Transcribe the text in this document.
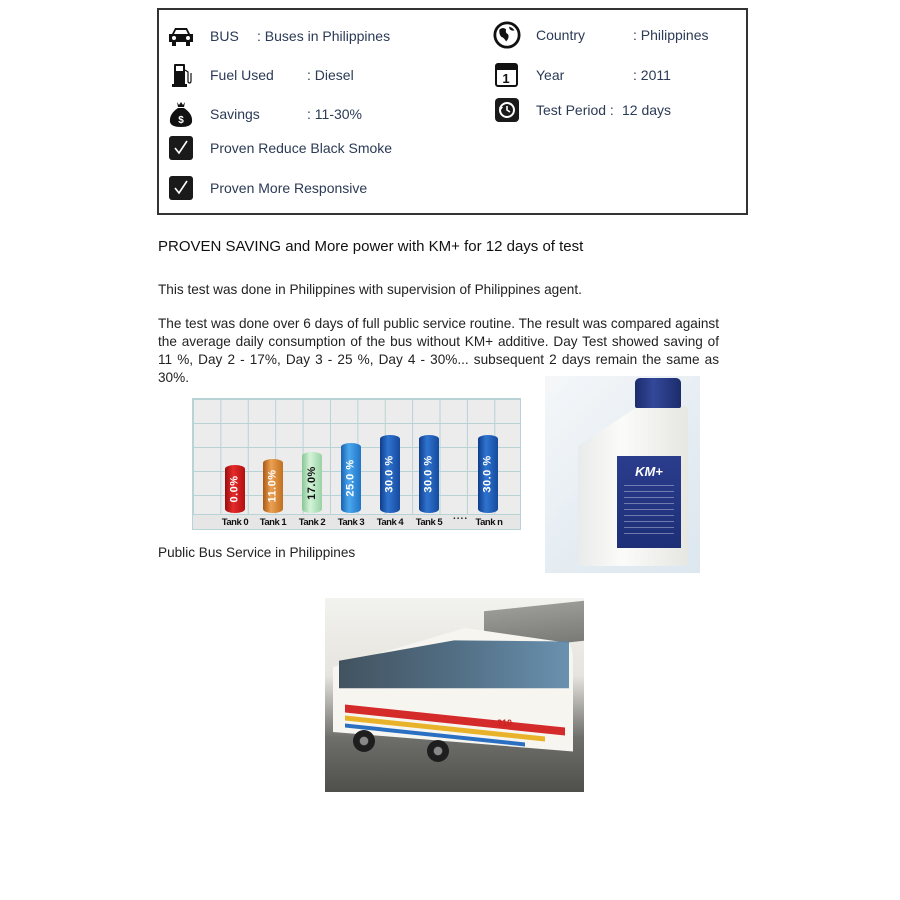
BUS	: Buses in Philippines
Fuel Used	: Diesel
$ Savings	: 11-30%
Proven Reduce Black Smoke
Proven More Responsive
Country	: Philippines
1 Year	: 2011
Test Period : 12 days
PROVEN SAVING and More power with KM+ for 12 days of test

This test was done in Philippines with supervision of Philippines agent.

The test was done over 6 days of full public service routine. The result was compared against the average daily consumption of the bus without KM+ additive. Day Test showed saving of 11 %, Day 2 - 17%, Day 3 - 25 %, Day 4 - 30%... subsequent 2 days remain the same as 30%.

0.0% 11.0% 17.0% 25.0 % 30.0 % 30.0 %	30.0 %
Tank 0 Tank 1 Tank 2 Tank 3 Tank 4 Tank 5	Tank n
....
KM+
Public Bus Service in Philippines
310
